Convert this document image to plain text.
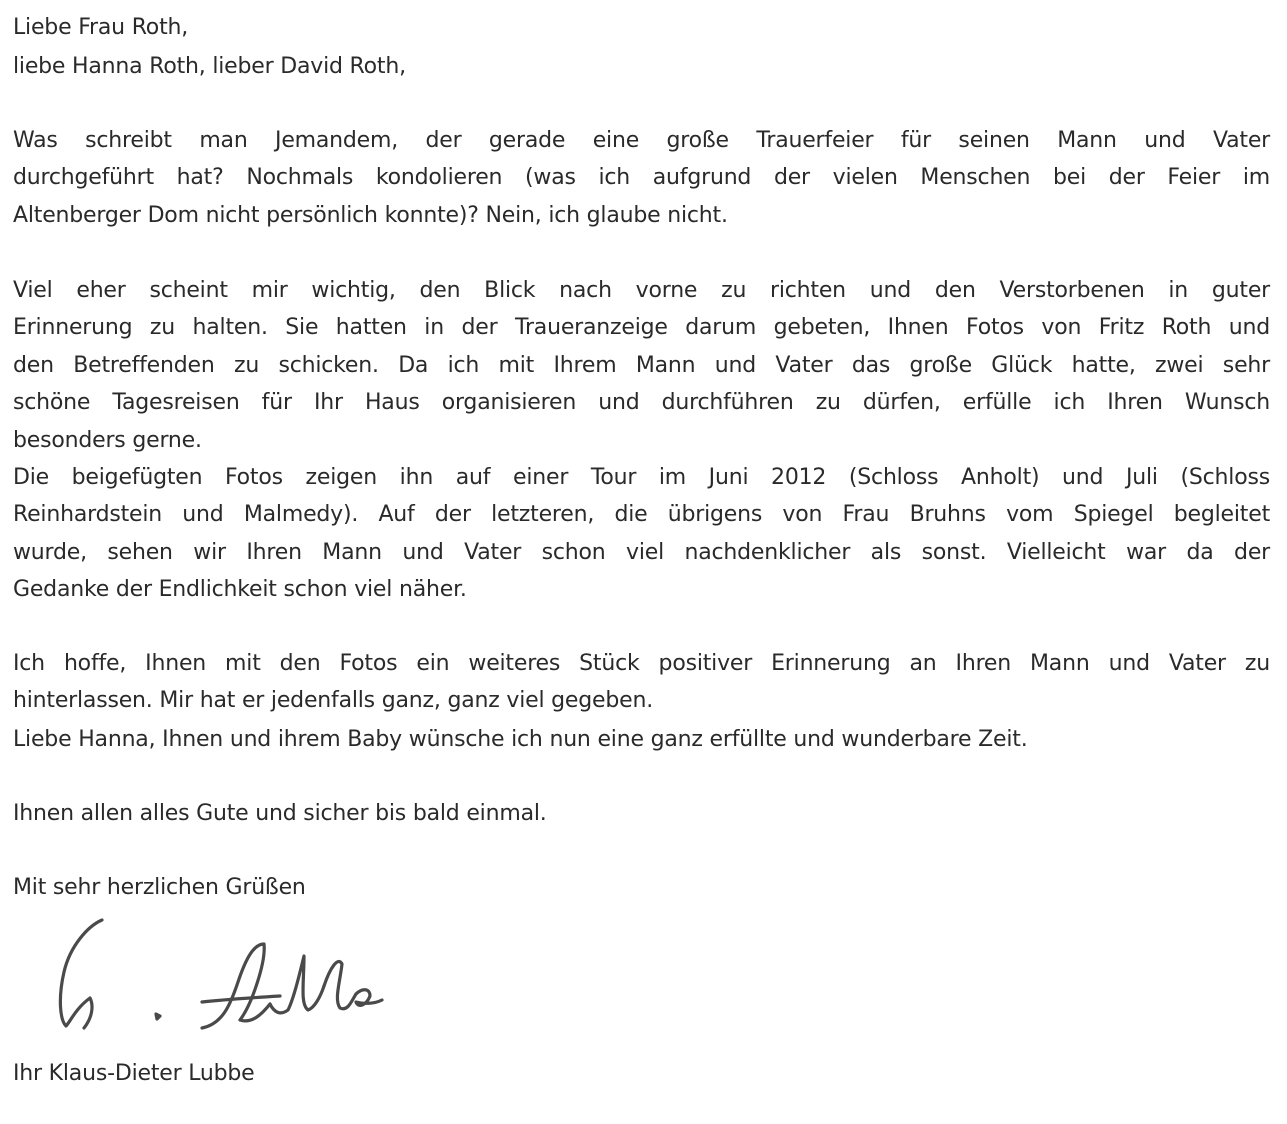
Liebe Frau Roth,
liebe Hanna Roth, lieber David Roth,
Was schreibt man Jemandem, der gerade eine große Trauerfeier für seinen Mann und Vater
durchgeführt hat? Nochmals kondolieren (was ich aufgrund der vielen Menschen bei der Feier im
Altenberger Dom nicht persönlich konnte)? Nein, ich glaube nicht.
Viel eher scheint mir wichtig, den Blick nach vorne zu richten und den Verstorbenen in guter
Erinnerung zu halten. Sie hatten in der Traueranzeige darum gebeten, Ihnen Fotos von Fritz Roth und
den Betreffenden zu schicken. Da ich mit Ihrem Mann und Vater das große Glück hatte, zwei sehr
schöne Tagesreisen für Ihr Haus organisieren und durchführen zu dürfen, erfülle ich Ihren Wunsch
besonders gerne.
Die beigefügten Fotos zeigen ihn auf einer Tour im Juni 2012 (Schloss Anholt) und Juli (Schloss
Reinhardstein und Malmedy). Auf der letzteren, die übrigens von Frau Bruhns vom Spiegel begleitet
wurde, sehen wir Ihren Mann und Vater schon viel nachdenklicher als sonst. Vielleicht war da der
Gedanke der Endlichkeit schon viel näher.
Ich hoffe, Ihnen mit den Fotos ein weiteres Stück positiver Erinnerung an Ihren Mann und Vater zu
hinterlassen. Mir hat er jedenfalls ganz, ganz viel gegeben.
Liebe Hanna, Ihnen und ihrem Baby wünsche ich nun eine ganz erfüllte und wunderbare Zeit.
Ihnen allen alles Gute und sicher bis bald einmal.
Mit sehr herzlichen Grüßen
Ihr Klaus-Dieter Lubbe
